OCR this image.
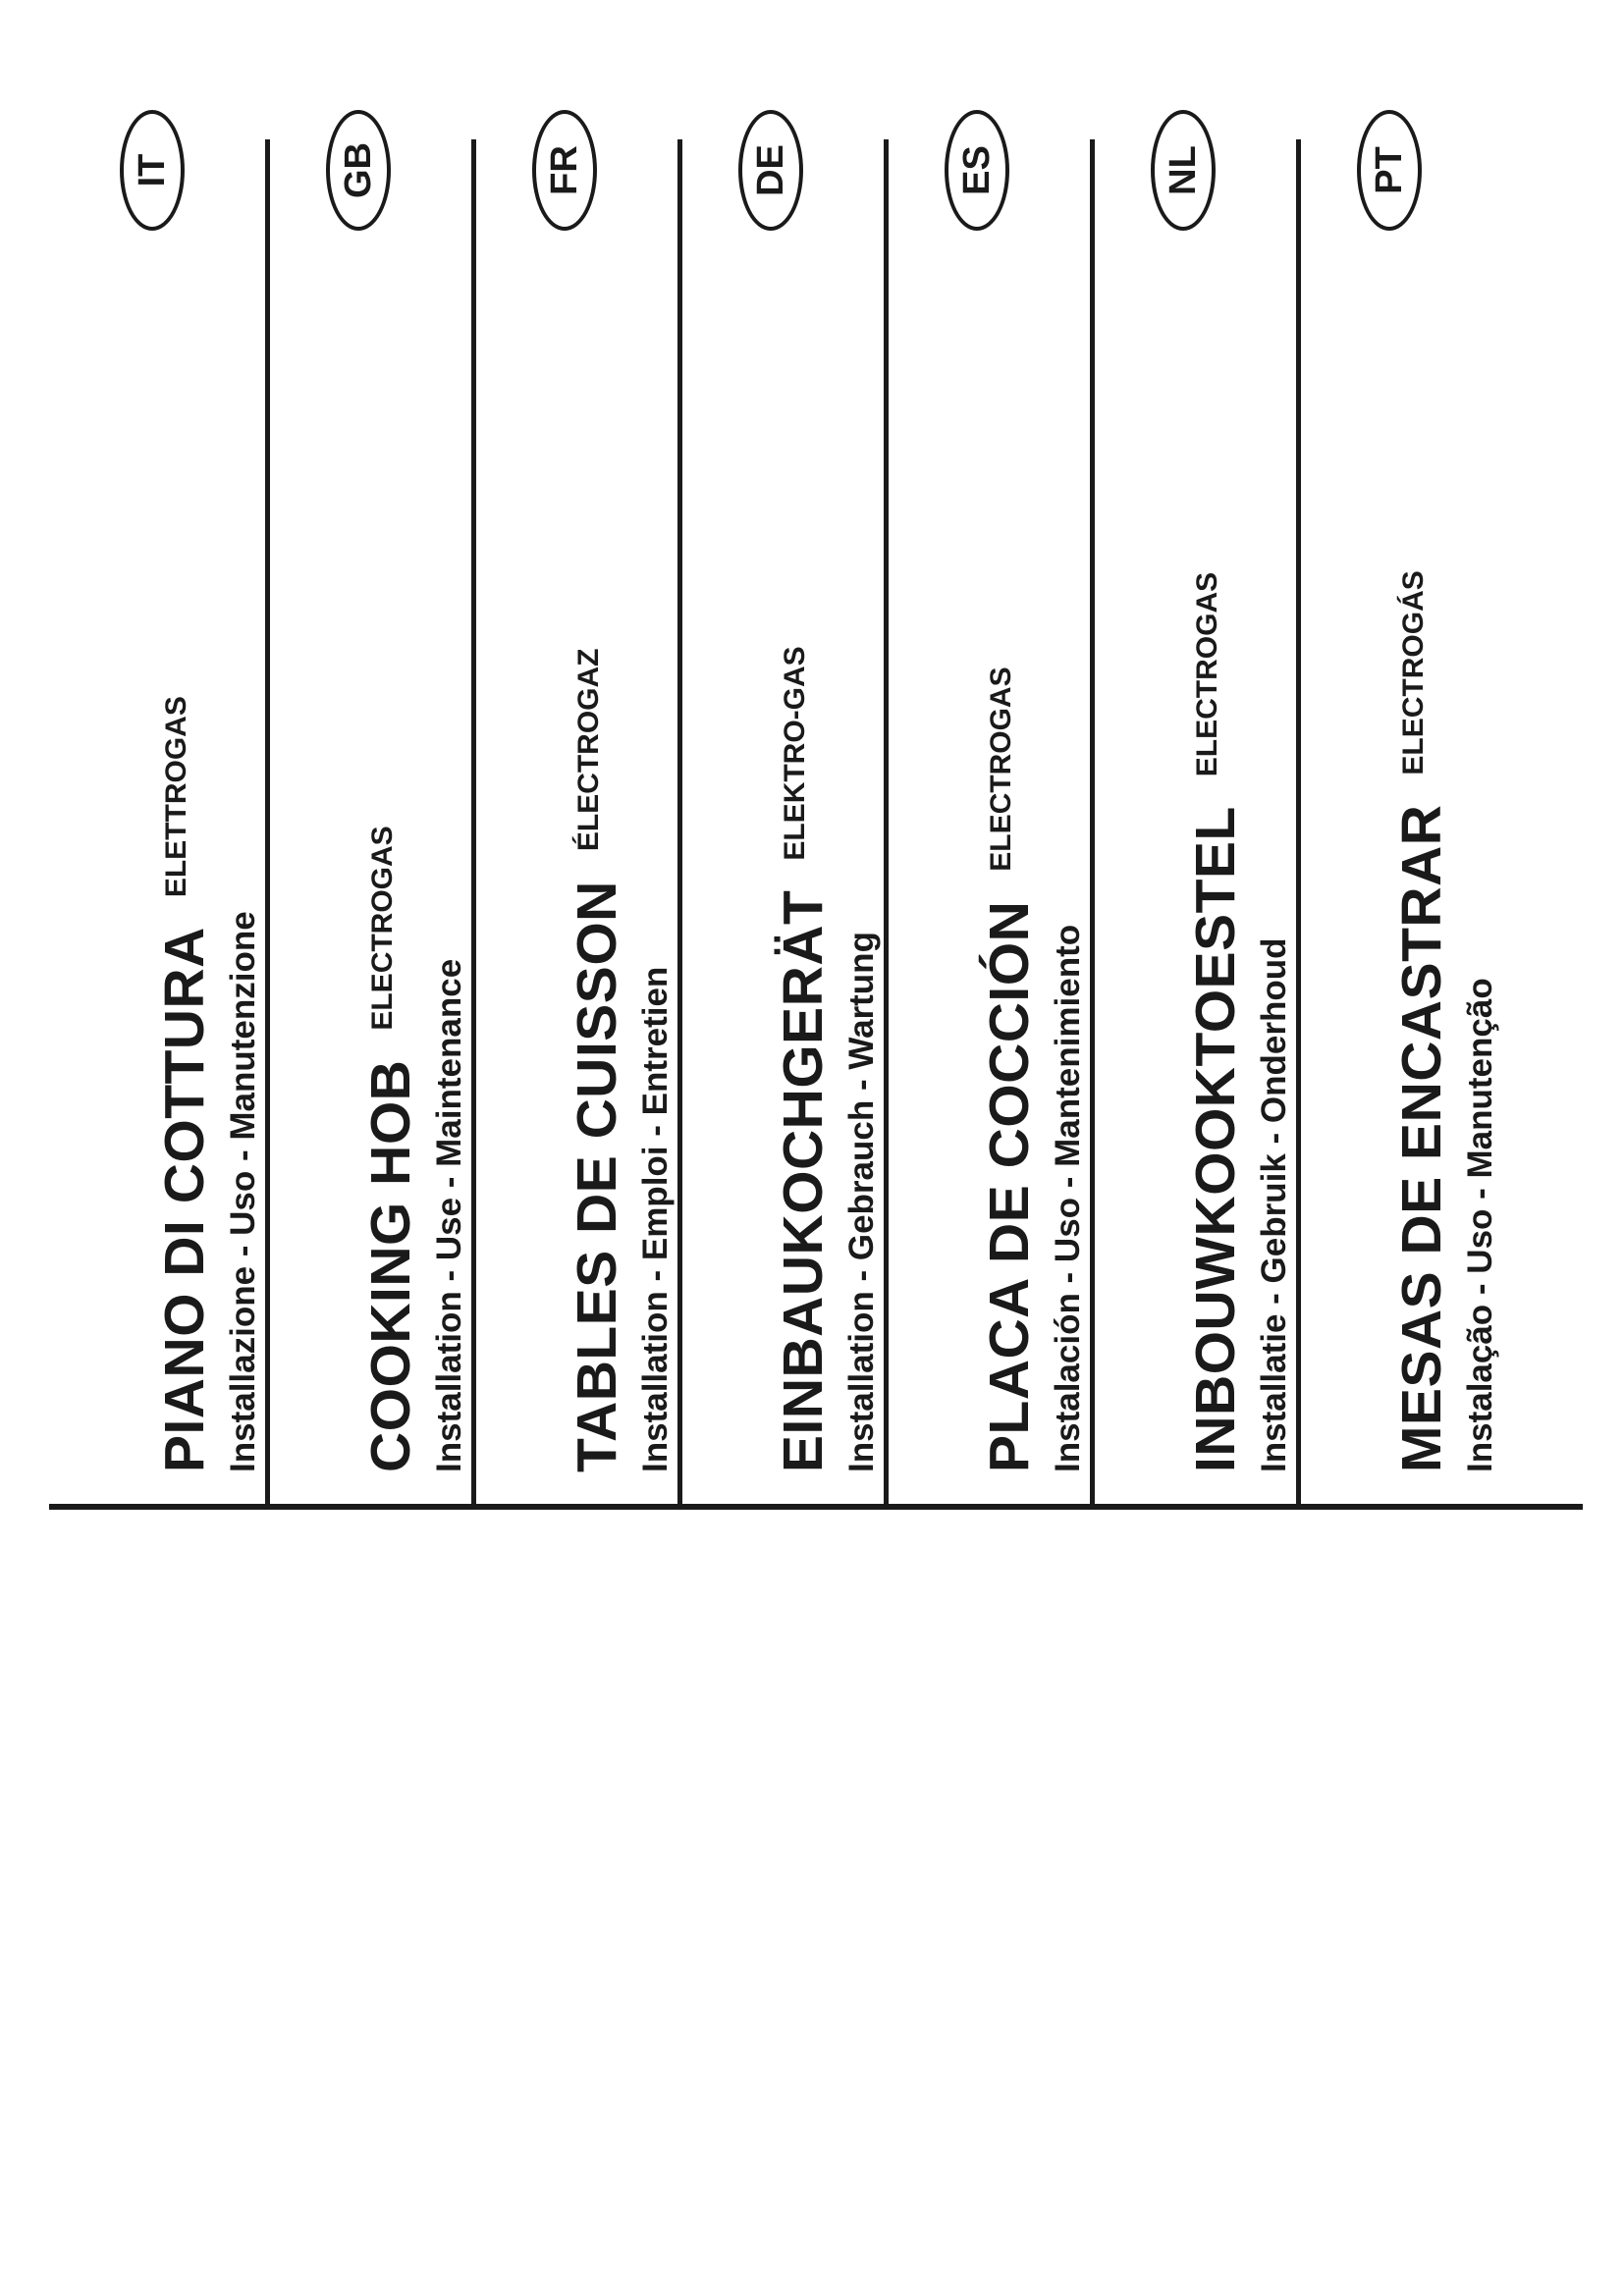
PIANO DI COTTURAELETTROGAS
Installazione - Uso - Manutenzione
IT
COOKING HOBELECTROGAS
Installation - Use - Maintenance
GB
TABLES DE CUISSONÉLECTROGAZ
Installation - Emploi - Entretien
FR
EINBAUKOCHGERÄTELEKTRO-GAS
Installation - Gebrauch - Wartung
DE
PLACA DE COCCIÓNELECTROGAS
Instalación - Uso - Mantenimiento
ES
INBOUWKOOKTOESTELELECTROGAS
Installatie - Gebruik - Onderhoud
NL
MESAS DE ENCASTRARELECTROGÁS
Instalação - Uso - Manutenção
PT
